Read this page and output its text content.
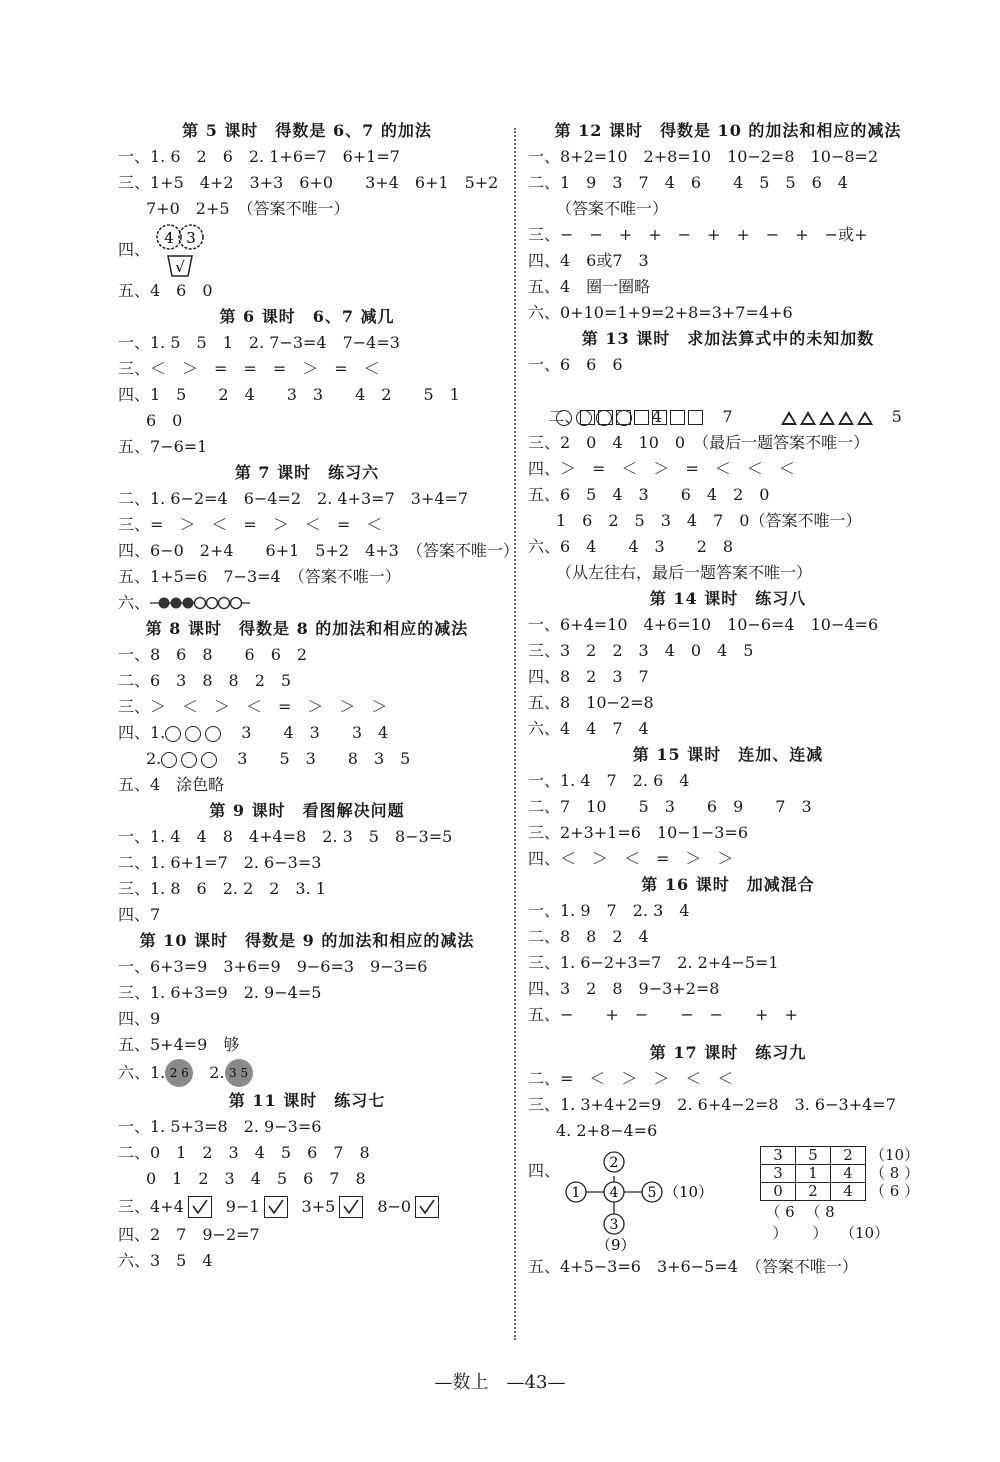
第 5 课时　得数是 6、7 的加法
一、1. 6　2　6　2. 1+6=7　6+1=7
三、1+5　4+2　3+3　6+0　　3+4　6+1　5+2
7+0　2+5　（答案不唯一）
四、
4 3
√
五、4　6　0
第 6 课时　6、7 减几
一、1. 5　5　1　2. 7−3=4　7−4=3
三、＜　＞　=　=　=　＞　=　＜
四、1　5　　2　4　　3　3　　4　2　　5　1
6　0
五、7−6=1
第 7 课时　练习六
二、1. 6−2=4　6−4=2　2. 4+3=7　3+4=7
三、=　＞　＜　=　＞　＜　=　＜
四、6−0　2+4　　6+1　5+2　4+3　（答案不唯一）
五、1+5=6　7−3=4　（答案不唯一）
六、
第 8 课时　得数是 8 的加法和相应的减法
一、8　6　8　　6　6　2
二、6　3　8　8　2　5
三、＞　＜　＞　＜　=　＞　＞　＞
四、1.	　3　　4　3　　3　4
2.	　3　　5　3　　8　3　5
五、4　涂色略
第 9 课时　看图解决问题
一、1. 4　4　8　4+4=8　2. 3　5　8−3=5
二、1. 6+1=7　2. 6−3=3
三、1. 8　6　2. 2　2　3. 1
四、7
第 10 课时　得数是 9 的加法和相应的减法
一、6+3=9　3+6=9　9−6=3　9−3=6
三、1. 6+3=9　2. 9−4=5
四、9
五、5+4=9　够
六、1. 2 6 　2. 3 5
第 11 课时　练习七
一、1. 5+3=8　2. 9−3=6
二、0　1　2　3　4　5　6　7　8
0　1　2　3　4　5　6　7　8
三、 4+4	9−1	3+5	8−0
四、2　7　9−2=7
六、3　5　4
第 12 课时　得数是 10 的加法和相应的减法
一、8+2=10　2+8=10　10−2=8　10−8=2
二、1　9　3　7　4　6　　4　5　5　6　4
（答案不唯一）
三、−　−　+　+　−　+　+　−　+　−或+
四、4　6或7　3
五、4　圈一圈略
六、0+10=1+9=2+8=3+7=4+6
第 13 课时　求加法算式中的未知加数
一、6　6　6

二、　	7　　　　	5

　4
三、2　0　4　10　0　（最后一题答案不唯一）
四、＞　=　＜　＞　=　＜　＜　＜
五、6　5　4　3　　6　4　2　0
1　6　2　5　3　4　7　0（答案不唯一）
六、6　4　　4　3　　2　8
（从左往右，最后一题答案不唯一）
第 14 课时　练习八
一、6+4=10　4+6=10　10−6=4　10−4=6
三、3　2　2　3　4　0　4　5
四、8　2　3　7
五、8　10−2=8
六、4　4　7　4
第 15 课时　连加、连减
一、1. 4　7　2. 6　4
二、7　10　　5　3　　6　9　　7　3
三、2+3+1=6　10−1−3=6
四、＜　＞　＜　=　＞　＞
第 16 课时　加减混合
一、1. 9　7　2. 3　4
二、8　8　2　4
三、1. 6−2+3=7　2. 2+4−5=1
四、3　2　8　9−3+2=8
五、−　　+　−　　−　−　　+　+
第 17 课时　练习九
二、=　＜　＞　＞　＜　＜
三、1. 3+4+2=9　2. 6+4−2=8　3. 6−3+4=7
4. 2+8−4=6
四、	2
1 4 5
3
（10）
（9）
3	5	2	（10）
3	1	4	（ 8 ）
0	2	4	（ 6 ）
（ 6 ）（ 8 ） （10）
五、4+5−3=6　3+6−5=4　（答案不唯一）
—数上　—43—
